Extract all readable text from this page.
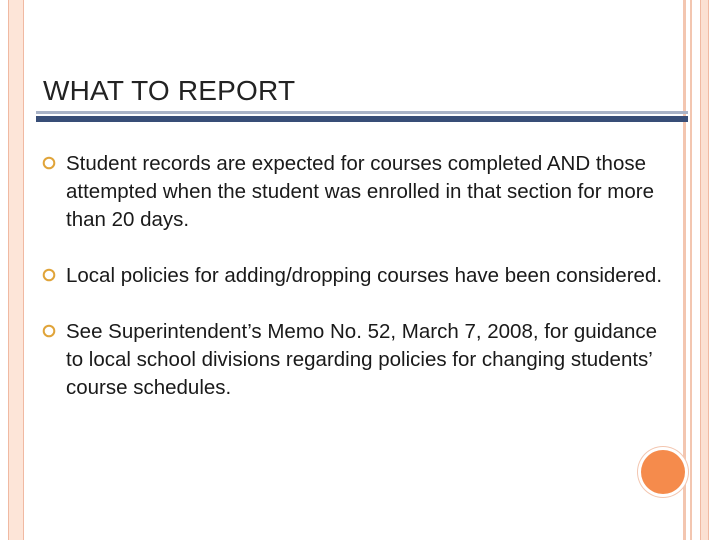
WHAT TO REPORT
Student records are expected for courses completed AND those attempted when the student was enrolled in that section for more than 20 days.
Local policies for adding/dropping courses have been considered.
See Superintendent’s Memo No. 52, March 7, 2008, for guidance to local school divisions regarding policies for changing students’ course schedules.
